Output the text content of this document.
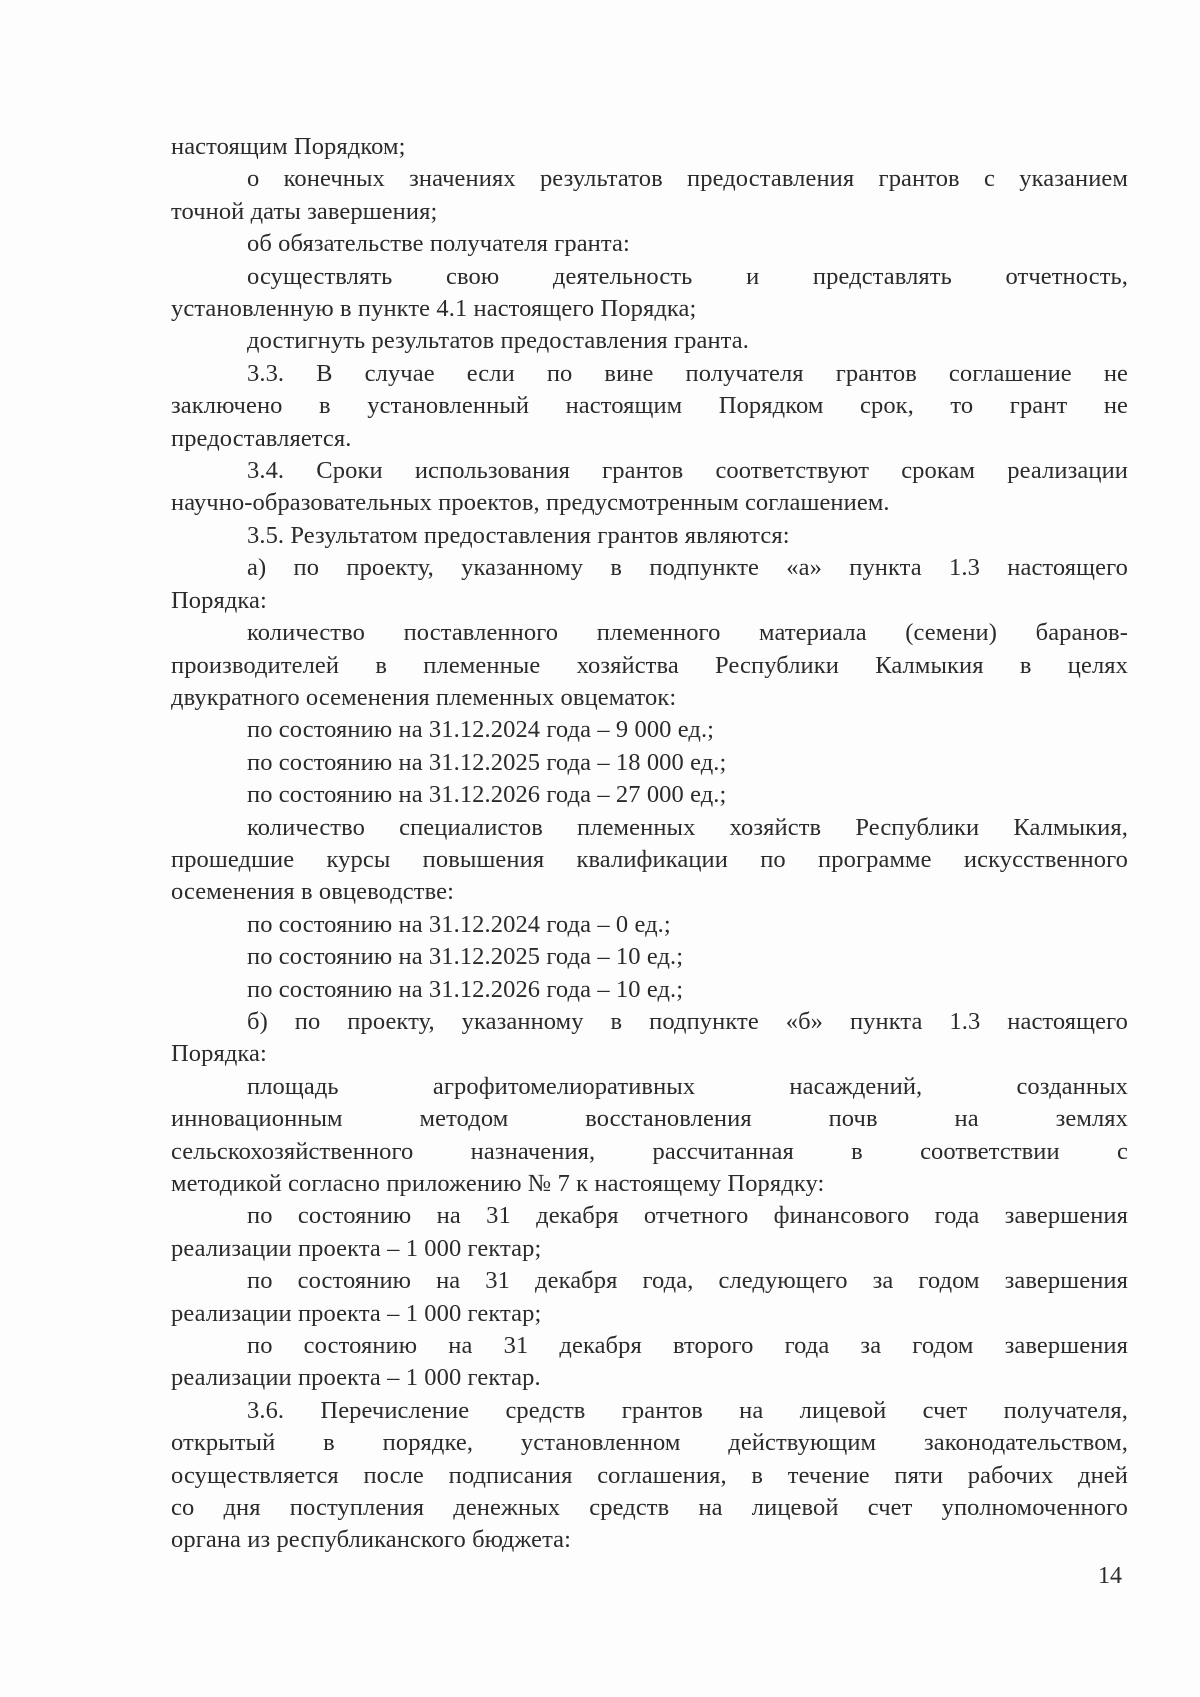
настоящим Порядком;
о конечных значениях результатов предоставления грантов с указанием
точной даты завершения;
об обязательстве получателя гранта:
осуществлять свою деятельность и представлять отчетность,
установленную в пункте 4.1 настоящего Порядка;
достигнуть результатов предоставления гранта.
3.3. В случае если по вине получателя грантов соглашение не
заключено в установленный настоящим Порядком срок, то грант не
предоставляется.
3.4. Сроки использования грантов соответствуют срокам реализации
научно-образовательных проектов, предусмотренным соглашением.
3.5. Результатом предоставления грантов являются:
а) по проекту, указанному в подпункте «а» пункта 1.3 настоящего
Порядка:
количество поставленного племенного материала (семени) баранов-
производителей в племенные хозяйства Республики Калмыкия в целях
двукратного осеменения племенных овцематок:
по состоянию на 31.12.2024 года – 9 000 ед.;
по состоянию на 31.12.2025 года – 18 000 ед.;
по состоянию на 31.12.2026 года – 27 000 ед.;
количество специалистов племенных хозяйств Республики Калмыкия,
прошедшие курсы повышения квалификации по программе искусственного
осеменения в овцеводстве:
по состоянию на 31.12.2024 года – 0 ед.;
по состоянию на 31.12.2025 года – 10 ед.;
по состоянию на 31.12.2026 года – 10 ед.;
б) по проекту, указанному в подпункте «б» пункта 1.3 настоящего
Порядка:
площадь агрофитомелиоративных насаждений, созданных
инновационным методом восстановления почв на землях
сельскохозяйственного назначения, рассчитанная в соответствии с
методикой согласно приложению № 7 к настоящему Порядку:
по состоянию на 31 декабря отчетного финансового года завершения
реализации проекта – 1 000 гектар;
по состоянию на 31 декабря года, следующего за годом завершения
реализации проекта – 1 000 гектар;
по состоянию на 31 декабря второго года за годом завершения
реализации проекта – 1 000 гектар.
3.6. Перечисление средств грантов на лицевой счет получателя,
открытый в порядке, установленном действующим законодательством,
осуществляется после подписания соглашения, в течение пяти рабочих дней
со дня поступления денежных средств на лицевой счет уполномоченного
органа из республиканского бюджета:
14
